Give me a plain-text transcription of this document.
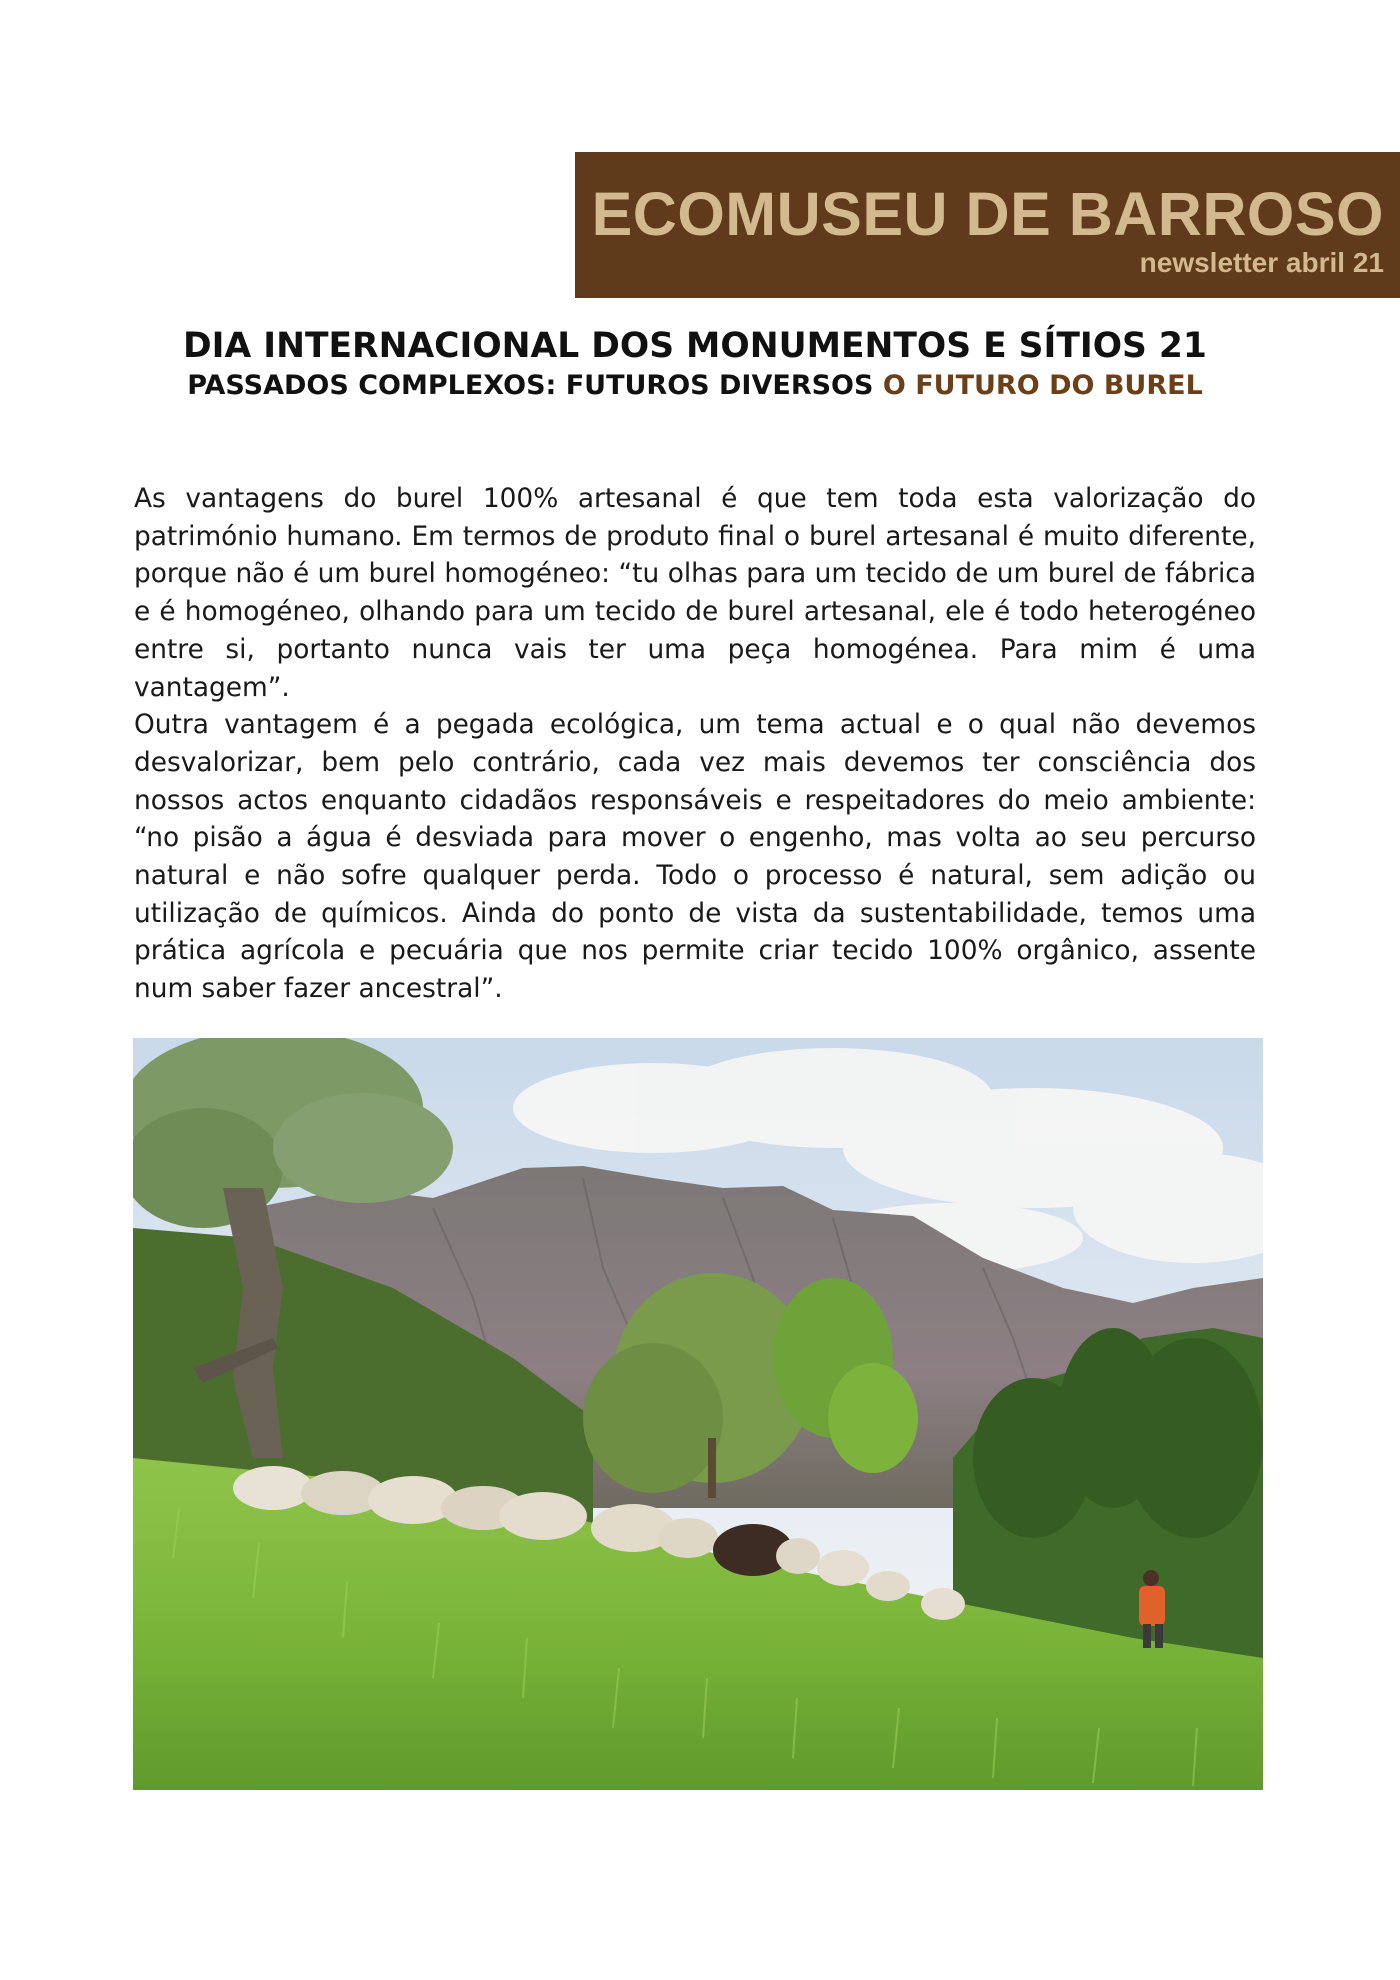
ECOMUSEU DE BARROSO
newsletter abril 21
DIA INTERNACIONAL DOS MONUMENTOS E SÍTIOS 21
PASSADOS COMPLEXOS: FUTUROS DIVERSOS O FUTURO DO BUREL

As vantagens do burel 100% artesanal é que tem toda esta valorização do património humano. Em termos de produto final o burel artesanal é muito diferente, porque não é um burel homogéneo: “tu olhas para um tecido de um burel de fábrica e é homogéneo, olhando para um tecido de burel artesanal, ele é todo heterogéneo entre si, portanto nunca vais ter uma peça homogénea. Para mim é uma vantagem”.

Outra vantagem é a pegada ecológica, um tema actual e o qual não devemos desvalorizar, bem pelo contrário, cada vez mais devemos ter consciência dos nossos actos enquanto cidadãos responsáveis e respeitadores do meio ambiente: “no pisão a água é desviada para mover o engenho, mas volta ao seu percurso natural e não sofre qualquer perda. Todo o processo é natural, sem adição ou utilização de químicos. Ainda do ponto de vista da sustentabilidade, temos uma prática agrícola e pecuária que nos permite criar tecido 100% orgânico, assente num saber fazer ancestral”.
